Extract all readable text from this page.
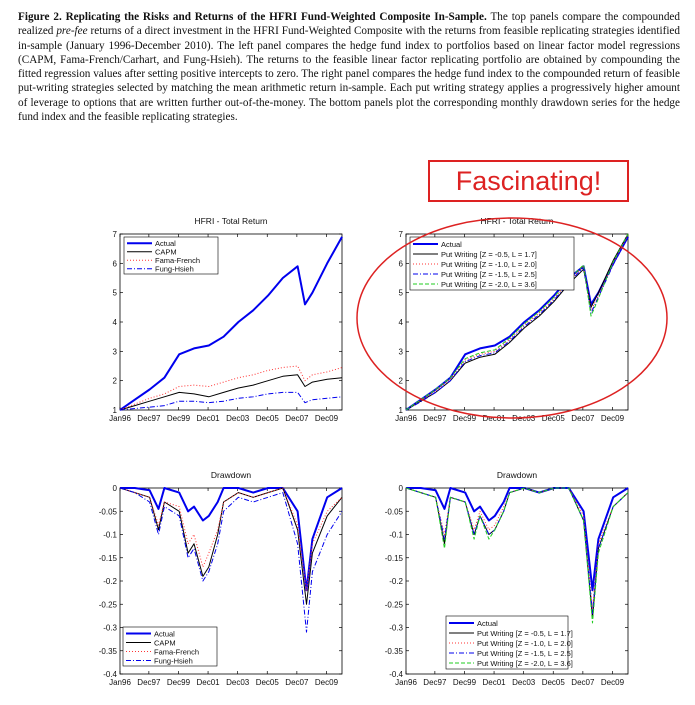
Figure 2. Replicating the Risks and Returns of the HFRI Fund-Weighted Composite In-Sample. The top panels compare the compounded realized pre-fee returns of a direct investment in the HFRI Fund-Weighted Composite with the returns from feasible replicating strategies identified in-sample (January 1996-December 2010). The left panel compares the hedge fund index to portfolios based on linear factor model regressions (CAPM, Fama-French/Carhart, and Fung-Hsieh). The returns to the feasible linear factor replicating portfolio are obtained by compounding the fitted regression values after setting positive intercepts to zero. The right panel compares the hedge fund index to the compounded return of feasible put-writing strategies selected by matching the mean arithmetic return in-sample. Each put writing strategy applies a progressively higher amount of leverage to options that are written further out-of-the-money. The bottom panels plot the corresponding monthly drawdown series for the hedge fund index and the feasible replicating strategies.
Fascinating!
HFRI - Total Return
1
2
3
4
5
6
7
Jan96 Dec97 Dec99 Dec01 Dec03 Dec05 Dec07 Dec09
Actual
CAPM
Fama-French
Fung-Hsieh
HFRI - Total Return
1
2
3
4
5
6
7
Jan96 Dec97 Dec99 Dec01 Dec03 Dec05 Dec07 Dec09
Actual
Put Writing [Z = -0.5, L = 1.7]
Put Writing [Z = -1.0, L = 2.0]
Put Writing [Z = -1.5, L = 2.5]
Put Writing [Z = -2.0, L = 3.6]
Drawdown
0
-0.05
-0.1
-0.15
-0.2
-0.25
-0.3
-0.35
-0.4
Jan96 Dec97 Dec99 Dec01 Dec03 Dec05 Dec07 Dec09
Actual
CAPM
Fama-French
Fung-Hsieh
Drawdown
0
-0.05
-0.1
-0.15
-0.2
-0.25
-0.3
-0.35
-0.4
Jan96 Dec97 Dec99 Dec01 Dec03 Dec05 Dec07 Dec09
Actual
Put Writing [Z = -0.5, L = 1.7]
Put Writing [Z = -1.0, L = 2.0]
Put Writing [Z = -1.5, L = 2.5]
Put Writing [Z = -2.0, L = 3.6]
